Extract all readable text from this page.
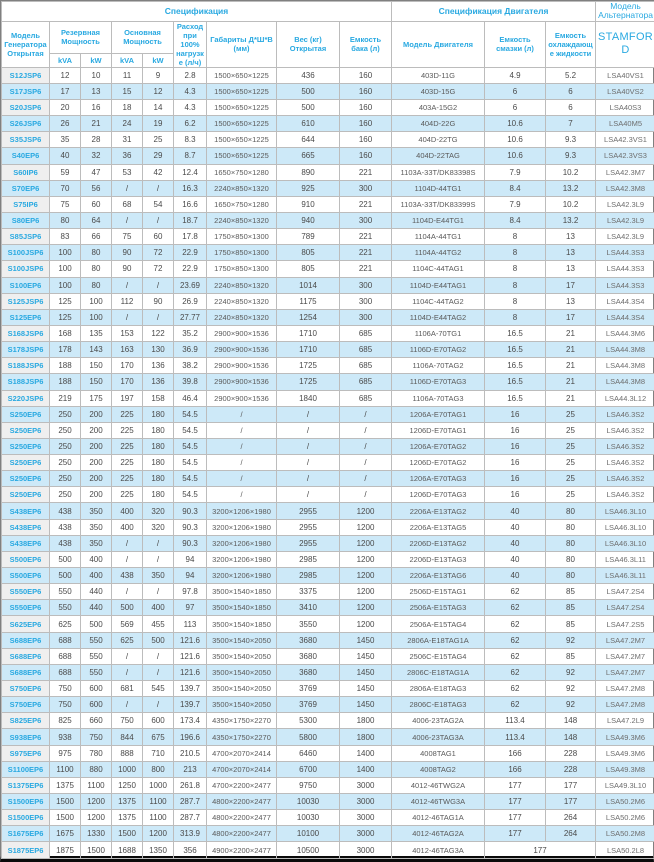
Спецификация									Спецификация Двигателя			Модель Альтернатора
Модель Генератора Открытая	Резервная Мощность		Основная Мощность		Расход при 100% нагрузке (л/ч)	Габариты Д*Ш*В (мм)	Вес (кг) Открытая	Емкость бака (л)	Модель Двигателя	Емкость смазки (л)	Емкость охлаждающе жидкости	STAMFORD
	kVA	kW	kVA	kW								
S12JSP6	12	10	11	9	2.8	1500×650×1225	436	160	403D-11G	4.9	5.2	LSA40VS1
S17JSP6	17	13	15	12	4.3	1500×650×1225	500	160	403D-15G	6	6	LSA40VS2
S20JSP6	20	16	18	14	4.3	1500×650×1225	500	160	403A-15G2	6	6	LSA40S3
S26JSP6	26	21	24	19	6.2	1500×650×1225	610	160	404D-22G	10.6	7	LSA40M5
S35JSP6	35	28	31	25	8.3	1500×650×1225	644	160	404D-22TG	10.6	9.3	LSA42.3VS1
S40EP6	40	32	36	29	8.7	1500×650×1225	665	160	404D-22TAG	10.6	9.3	LSA42.3VS3
S60IP6	59	47	53	42	12.4	1650×750×1280	890	221	1103A-33T/DK83398S	7.9	10.2	LSA42.3M7
S70EP6	70	56	/	/	16.3	2240×850×1320	925	300	1104D-44TG1	8.4	13.2	LSA42.3M8
S75IP6	75	60	68	54	16.6	1650×750×1280	910	221	1103A-33T/DK83399S	7.9	10.2	LSA42.3L9
S80EP6	80	64	/	/	18.7	2240×850×1320	940	300	1104D-E44TG1	8.4	13.2	LSA42.3L9
S85JSP6	83	66	75	60	17.8	1750×850×1300	789	221	1104A-44TG1	8	13	LSA42.3L9
S100JSP6	100	80	90	72	22.9	1750×850×1300	805	221	1104A-44TG2	8	13	LSA44.3S3
S100JSP6	100	80	90	72	22.9	1750×850×1300	805	221	1104C-44TAG1	8	13	LSA44.3S3
S100EP6	100	80	/	/	23.69	2240×850×1320	1014	300	1104D-E44TAG1	8	17	LSA44.3S3
S125JSP6	125	100	112	90	26.9	2240×850×1320	1175	300	1104C-44TAG2	8	13	LSA44.3S4
S125EP6	125	100	/	/	27.77	2240×850×1320	1254	300	1104D-E44TAG2	8	17	LSA44.3S4
S168JSP6	168	135	153	122	35.2	2900×900×1536	1710	685	1106A-70TG1	16.5	21	LSA44.3M6
S178JSP6	178	143	163	130	36.9	2900×900×1536	1710	685	1106D-E70TAG2	16.5	21	LSA44.3M8
S188JSP6	188	150	170	136	38.2	2900×900×1536	1725	685	1106A-70TAG2	16.5	21	LSA44.3M8
S188JSP6	188	150	170	136	39.8	2900×900×1536	1725	685	1106D-E70TAG3	16.5	21	LSA44.3M8
S220JSP6	219	175	197	158	46.4	2900×900×1536	1840	685	1106A-70TAG3	16.5	21	LSA44.3L12
S250EP6	250	200	225	180	54.5	/	/	/	1206A-E70TAG1	16	25	LSA46.3S2
S250EP6	250	200	225	180	54.5	/	/	/	1206D-E70TAG1	16	25	LSA46.3S2
S250EP6	250	200	225	180	54.5	/	/	/	1206A-E70TAG2	16	25	LSA46.3S2
S250EP6	250	200	225	180	54.5	/	/	/	1206D-E70TAG2	16	25	LSA46.3S2
S250EP6	250	200	225	180	54.5	/	/	/	1206A-E70TAG3	16	25	LSA46.3S2
S250EP6	250	200	225	180	54.5	/	/	/	1206D-E70TAG3	16	25	LSA46.3S2
S438EP6	438	350	400	320	90.3	3200×1206×1980	2955	1200	2206A-E13TAG2	40	80	LSA46.3L10
S438EP6	438	350	400	320	90.3	3200×1206×1980	2955	1200	2206A-E13TAG5	40	80	LSA46.3L10
S438EP6	438	350	/	/	90.3	3200×1206×1980	2955	1200	2206D-E13TAG2	40	80	LSA46.3L10
S500EP6	500	400	/	/	94	3200×1206×1980	2985	1200	2206D-E13TAG3	40	80	LSA46.3L11
S500EP6	500	400	438	350	94	3200×1206×1980	2985	1200	2206A-E13TAG6	40	80	LSA46.3L11
S550EP6	550	440	/	/	97.8	3500×1540×1850	3375	1200	2506D-E15TAG1	62	85	LSA47.2S4
S550EP6	550	440	500	400	97	3500×1540×1850	3410	1200	2506A-E15TAG3	62	85	LSA47.2S4
S625EP6	625	500	569	455	113	3500×1540×1850	3550	1200	2506A-E15TAG4	62	85	LSA47.2S5
S688EP6	688	550	625	500	121.6	3500×1540×2050	3680	1450	2806A-E18TAG1A	62	92	LSA47.2M7
S688EP6	688	550	/	/	121.6	3500×1540×2050	3680	1450	2506C-E15TAG4	62	85	LSA47.2M7
S688EP6	688	550	/	/	121.6	3500×1540×2050	3680	1450	2806C-E18TAG1A	62	92	LSA47.2M7
S750EP6	750	600	681	545	139.7	3500×1540×2050	3769	1450	2806A-E18TAG3	62	92	LSA47.2M8
S750EP6	750	600	/	/	139.7	3500×1540×2050	3769	1450	2806C-E18TAG3	62	92	LSA47.2M8
S825EP6	825	660	750	600	173.4	4350×1750×2270	5300	1800	4006-23TAG2A	113.4	148	LSA47.2L9
S938EP6	938	750	844	675	196.6	4350×1750×2270	5800	1800	4006-23TAG3A	113.4	148	LSA49.3M6
S975EP6	975	780	888	710	210.5	4700×2070×2414	6460	1400	4008TAG1	166	228	LSA49.3M6
S1100EP6	1100	880	1000	800	213	4700×2070×2414	6700	1400	4008TAG2	166	228	LSA49.3M8
S1375EP6	1375	1100	1250	1000	261.8	4700×2200×2477	9750	3000	4012-46TWG2A	177	177	LSA49.3L10
S1500EP6	1500	1200	1375	1100	287.7	4800×2200×2477	10030	3000	4012-46TWG3A	177	177	LSA50.2M6
S1500EP6	1500	1200	1375	1100	287.7	4800×2200×2477	10030	3000	4012-46TAG1A	177	264	LSA50.2M6
S1675EP6	1675	1330	1500	1200	313.9	4800×2200×2477	10100	3000	4012-46TAG2A	177	264	LSA50.2M8
S1875EP6	1875	1500	1688	1350	356	4900×2200×2477	10500	3000	4012-46TAG3A	177		LSA50.2L8
